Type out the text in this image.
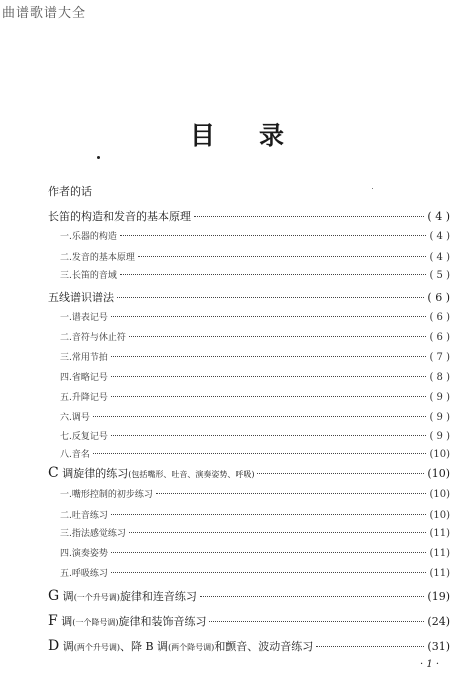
曲谱歌谱大全
目录
作者的话
长笛的构造和发音的基本原理	( 4 )
一.乐器的构造	( 4 )
二.发音的基本原理	( 4 )
三.长笛的音域	( 5 )
五线谱识谱法	( 6 )
一.谱表记号	( 6 )
二.音符与休止符	( 6 )
三.常用节拍	( 7 )
四.省略记号	( 8 )
五.升降记号	( 9 )
六.调号	( 9 )
七.反复记号	( 9 )
八.音名	(10)
C 调旋律的练习(包括嘴形、吐音、演奏姿势、呼吸)	(10)
一.嘴形控制的初步练习	(10)
二.吐音练习	(10)
三.指法感觉练习	(11)
四.演奏姿势	(11)
五.呼吸练习	(11)
G 调(一个升号调)旋律和连音练习	(19)
F 调(一个降号调)旋律和装饰音练习	(24)
D 调(两个升号调)、降 B 调(两个降号调)和颤音、波动音练习	(31)
· 1 ·
